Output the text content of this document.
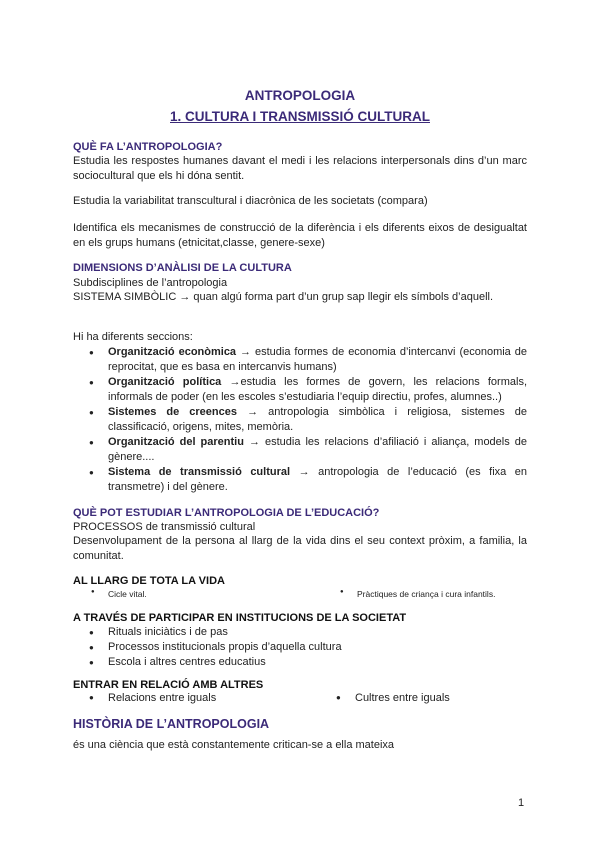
ANTROPOLOGIA
1. CULTURA I TRANSMISSIÓ CULTURAL
QUÈ FA L’ANTROPOLOGIA?
Estudia les respostes humanes davant el medi i les relacions interpersonals dins d’un marc sociocultural que els hi dóna sentit.
Estudia la variabilitat transcultural i diacrònica de les societats (compara)
Identifica els mecanismes de construcció de la diferència i els diferents eixos de desigualtat en els grups humans (etnicitat,classe, genere-sexe)
DIMENSIONS D’ANÀLISI DE LA CULTURA
Subdisciplines de l’antropologia
SISTEMA SIMBÒLIC → quan algú forma part d’un grup sap llegir els símbols d’aquell.
Hi ha diferents seccions:
● Organització econòmica → estudia formes de economia d’intercanvi (economia de reprocitat, que es basa en intercanvis humans)
● Organització política →estudia les formes de govern, les relacions formals, informals de poder (en les escoles s’estudiaria l’equip directiu, profes, alumnes..)
● Sistemes de creences → antropologia simbòlica i religiosa, sistemes de classificació, origens, mites, memòria.
● Organització del parentiu → estudia les relacions d’afiliació i aliança, models de gènere....
● Sistema de transmissió cultural → antropologia de l’educació (es fixa en transmetre) i del gènere.
QUÈ POT ESTUDIAR L’ANTROPOLOGIA DE L’EDUCACIÓ?
PROCESSOS de transmissió cultural
Desenvolupament de la persona al llarg de la vida dins el seu context pròxim, a familia, la comunitat.
AL LLARG DE TOTA LA VIDA
● Cicle vital.	● Pràctiques de criança i cura infantils.
A TRAVÉS DE PARTICIPAR EN INSTITUCIONS DE LA SOCIETAT
● Rituals iniciàtics i de pas
● Processos institucionals propis d’aquella cultura
● Escola i altres centres educatius
ENTRAR EN RELACIÓ AMB ALTRES
● Relacions entre iguals	● Cultres entre iguals
HISTÒRIA DE L’ANTROPOLOGIA
és una ciència que està constantemente critican-se a ella mateixa
1
